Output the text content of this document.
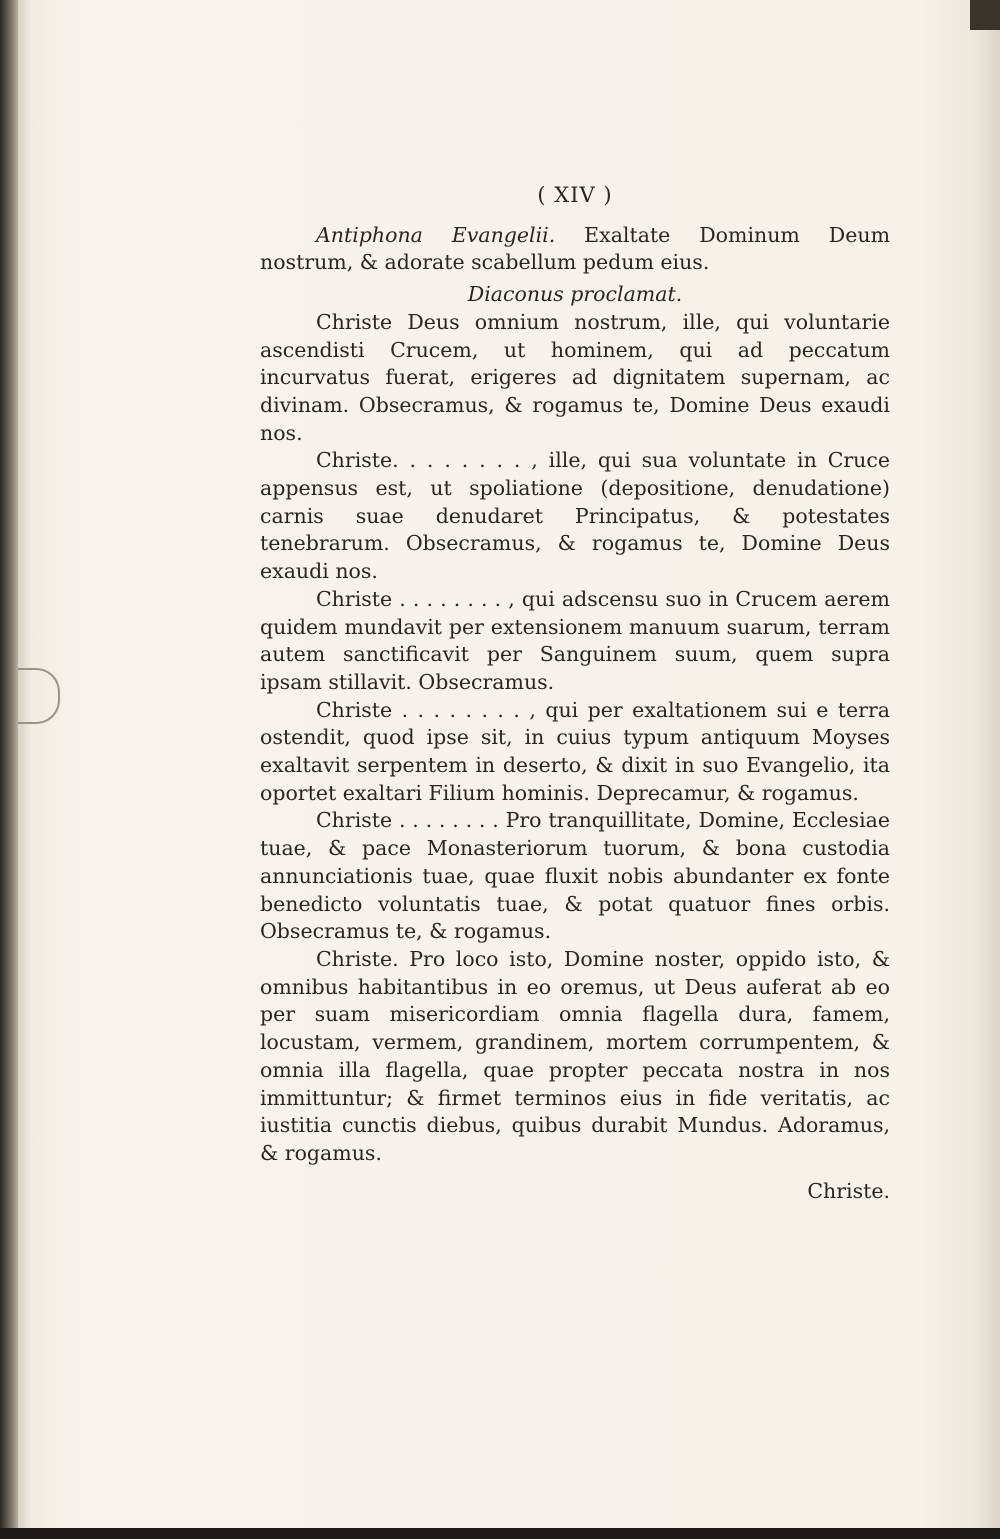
( XIV )

Antiphona Evangelii. Exaltate Dominum Deum nostrum, & adorate scabellum pedum eius.

Diaconus proclamat.

Christe Deus omnium nostrum, ille, qui voluntarie ascendisti Crucem, ut hominem, qui ad peccatum incurvatus fuerat, erigeres ad dignitatem supernam, ac divinam. Obsecramus, & rogamus te, Domine Deus exaudi nos.

Christe. . . . . . . . , ille, qui sua voluntate in Cruce appensus est, ut spoliatione (depositione, denudatione) carnis suae denudaret Principatus, & potestates tenebrarum. Obsecramus, & rogamus te, Domine Deus exaudi nos.

Christe . . . . . . . . , qui adscensu suo in Crucem aerem quidem mundavit per extensionem manuum suarum, terram autem sanctificavit per Sanguinem suum, quem supra ipsam stillavit. Obsecramus.

Christe . . . . . . . . , qui per exaltationem sui e terra ostendit, quod ipse sit, in cuius typum antiquum Moyses exaltavit serpentem in deserto, & dixit in suo Evangelio, ita oportet exaltari Filium hominis. Deprecamur, & rogamus.

Christe . . . . . . . . Pro tranquillitate, Domine, Ecclesiae tuae, & pace Monasteriorum tuorum, & bona custodia annunciationis tuae, quae fluxit nobis abundanter ex fonte benedicto voluntatis tuae, & potat quatuor fines orbis. Obsecramus te, & rogamus.

Christe. Pro loco isto, Domine noster, oppido isto, & omnibus habitantibus in eo oremus, ut Deus auferat ab eo per suam misericordiam omnia flagella dura, famem, locustam, vermem, grandinem, mortem corrumpentem, & omnia illa flagella, quae propter peccata nostra in nos immittuntur; & firmet terminos eius in fide veritatis, ac iustitia cunctis diebus, quibus durabit Mundus. Adoramus, & rogamus.

Christe.
